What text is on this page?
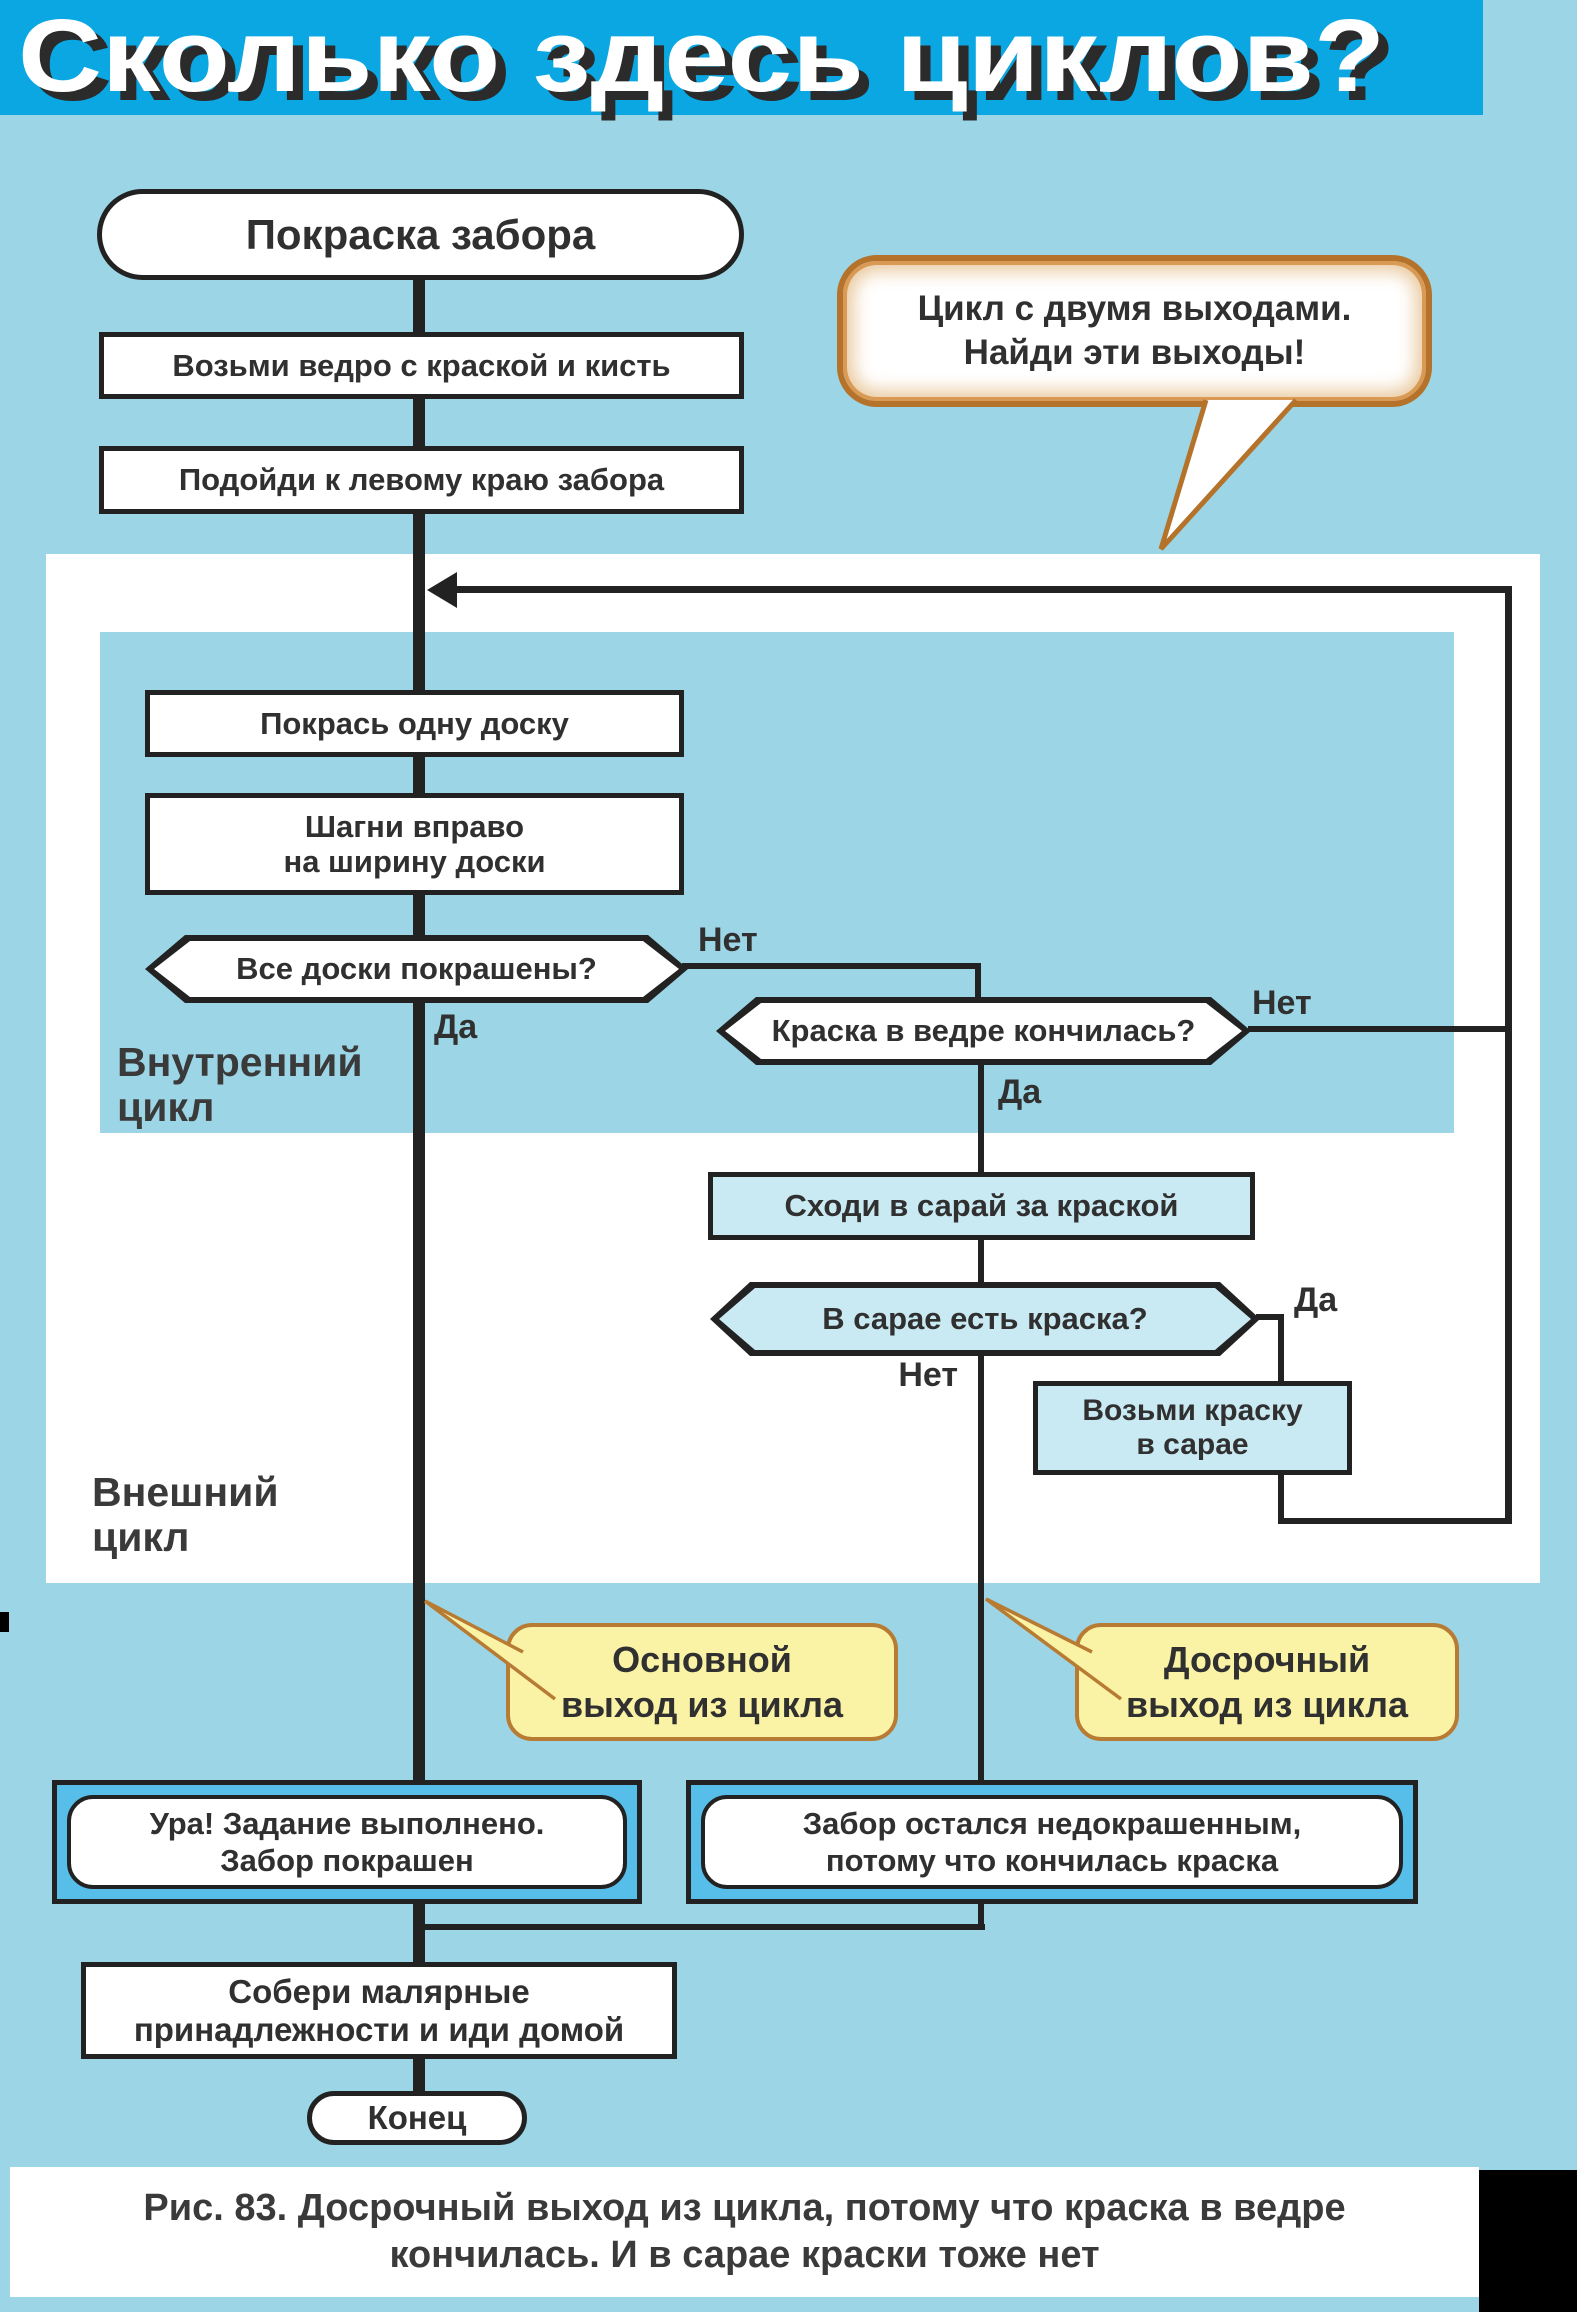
Сколько здесь циклов?
Покраска забора
Возьми ведро с краской и кисть
Подойди к левому краю забора
Покрась одну доску
Шагни вправо
на ширину доски
Все доски покрашены?
Краска в ведре кончилась?
Сходи в сарай за краской
В сарае есть краска?
Возьми краску
в сарае
Нет
Да
Нет
Да
Да
Нет
Внутренний
цикл
Внешний
цикл
Цикл с двумя выходами.
Найди эти выходы!
Основной
выход из цикла
Досрочный
выход из цикла
Ура! Задание выполнено.
Забор покрашен
Забор остался недокрашенным,
потому что кончилась краска
Собери малярные
принадлежности и иди домой
Конец
Рис. 83. Досрочный выход из цикла, потому что краска в ведре
кончилась. И в сарае краски тоже нет
